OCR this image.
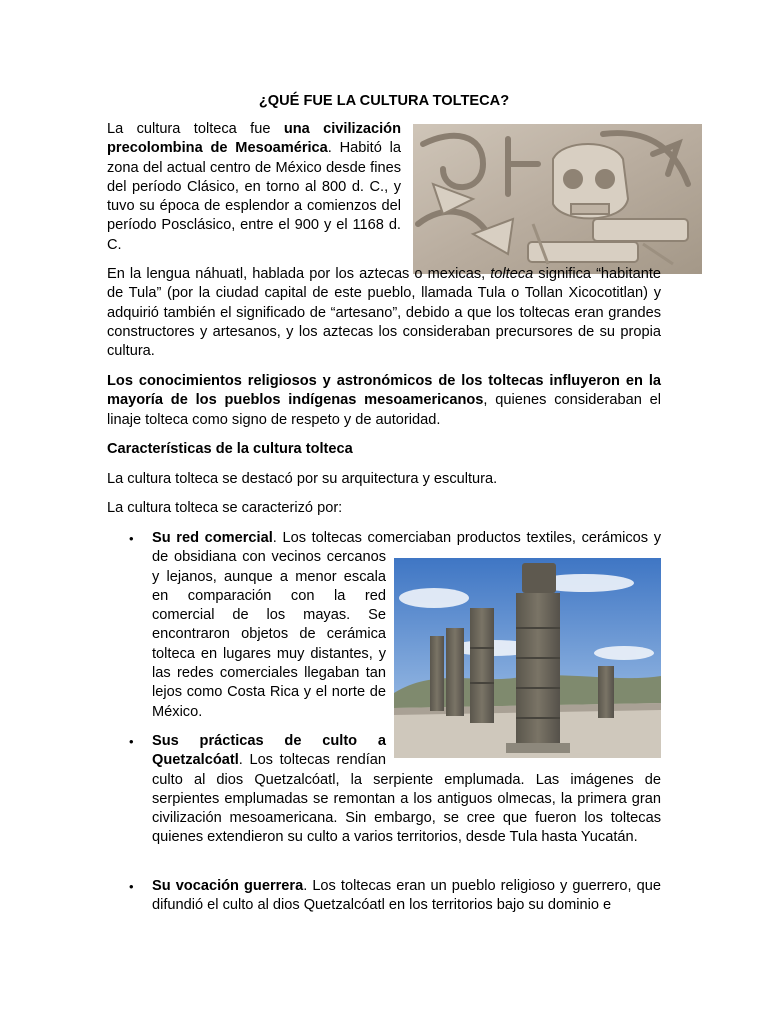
¿QUÉ FUE LA CULTURA TOLTECA?
La cultura tolteca fue una civilización precolombina de Mesoamérica. Habitó la zona del actual centro de México desde fines del período Clásico, en torno al 800 d. C., y tuvo su época de esplendor a comienzos del período Posclásico, entre el 900 y el 1168 d. C.
En la lengua náhuatl, hablada por los aztecas o mexicas, tolteca significa “habitante de Tula” (por la ciudad capital de este pueblo, llamada Tula o Tollan Xicocotitlan) y adquirió también el significado de “artesano”, debido a que los toltecas eran grandes constructores y artesanos, y los aztecas los consideraban precursores de su propia cultura.
Los conocimientos religiosos y astronómicos de los toltecas influyeron en la mayoría de los pueblos indígenas mesoamericanos, quienes consideraban el linaje tolteca como signo de respeto y de autoridad.
Características de la cultura tolteca
La cultura tolteca se destacó por su arquitectura y escultura.
La cultura tolteca se caracterizó por:
• Su red comercial. Los toltecas comerciaban productos textiles, cerámicos y de obsidiana con vecinos cercanos y lejanos, aunque a menor escala en comparación con la red comercial de los mayas. Se encontraron objetos de cerámica tolteca en lugares muy distantes, y las redes comerciales llegaban tan lejos como Costa Rica y el norte de México.
• Sus prácticas de culto a Quetzalcóatl. Los toltecas rendían culto al dios Quetzalcóatl, la serpiente emplumada. Las imágenes de serpientes emplumadas se remontan a los antiguos olmecas, la primera gran civilización mesoamericana. Sin embargo, se cree que fueron los toltecas quienes extendieron su culto a varios territorios, desde Tula hasta Yucatán.
• Su vocación guerrera. Los toltecas eran un pueblo religioso y guerrero, que difundió el culto al dios Quetzalcóatl en los territorios bajo su dominio e
